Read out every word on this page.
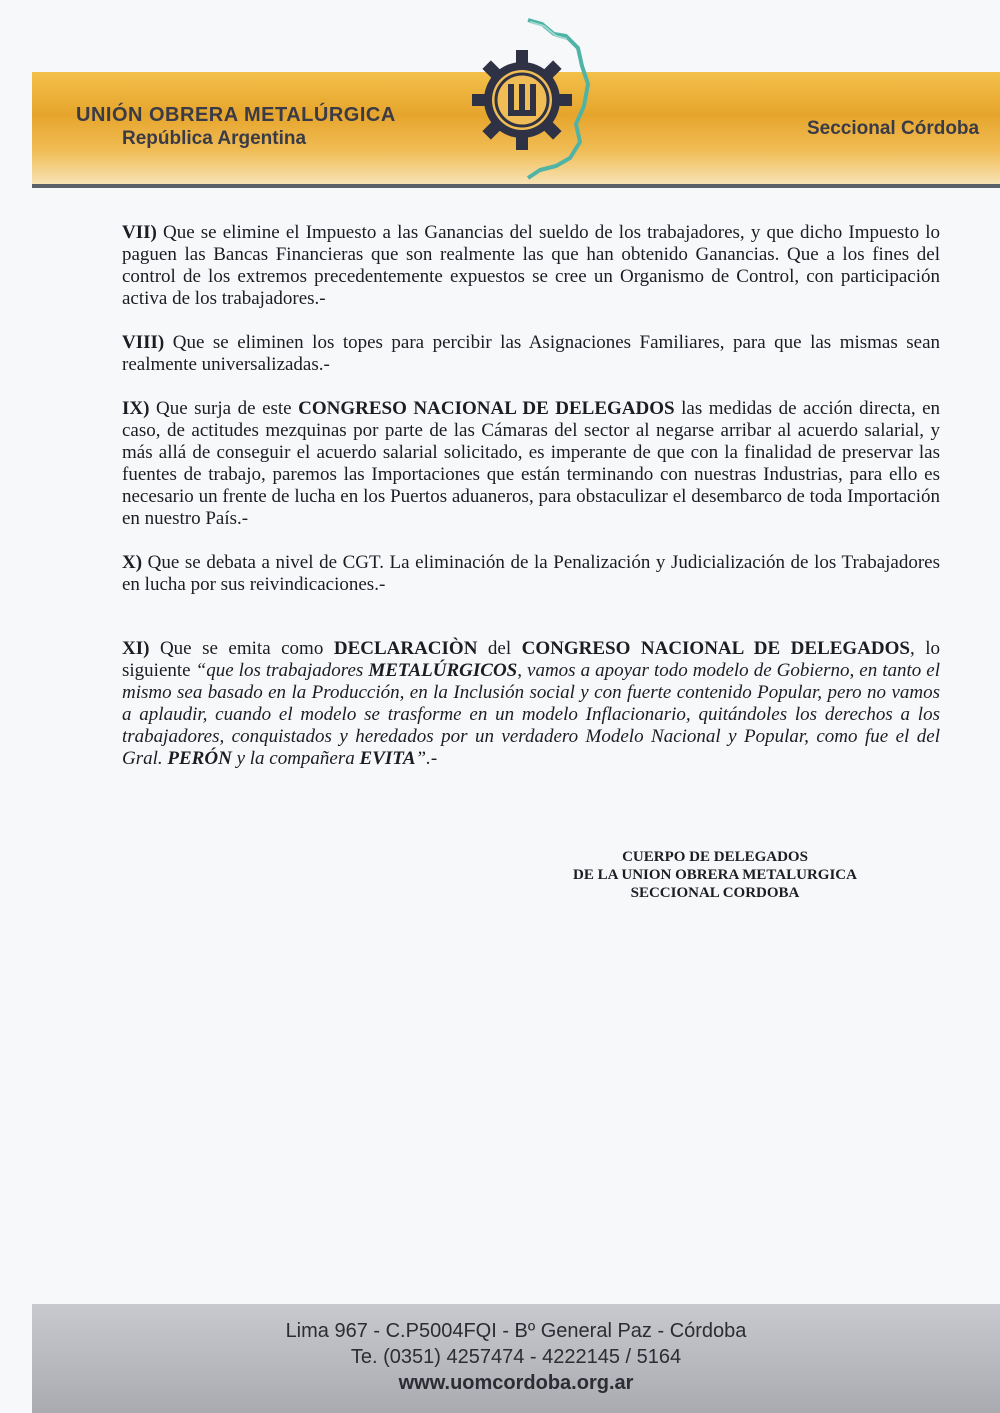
UNIÓN OBRERA METALÚRGICA
República Argentina	Seccional Córdoba

VII) Que se elimine el Impuesto a las Ganancias del sueldo de los trabajadores, y que dicho Impuesto lo paguen las Bancas Financieras que son realmente las que han obtenido Ganancias. Que a los fines del control de los extremos precedentemente expuestos se cree un Organismo de Control, con participación activa de los trabajadores.-

VIII) Que se eliminen los topes para percibir las Asignaciones Familiares, para que las mismas sean realmente universalizadas.-

IX) Que surja de este CONGRESO NACIONAL DE DELEGADOS las medidas de acción directa, en caso, de actitudes mezquinas por parte de las Cámaras del sector al negarse arribar al acuerdo salarial, y más allá de conseguir el acuerdo salarial solicitado, es imperante de que con la finalidad de preservar las fuentes de trabajo, paremos las Importaciones que están terminando con nuestras Industrias, para ello es necesario un frente de lucha en los Puertos aduaneros, para obstaculizar el desembarco de toda Importación en nuestro País.-

X) Que se debata a nivel de CGT. La eliminación de la Penalización y Judicialización de los Trabajadores en lucha por sus reivindicaciones.-

XI) Que se emita como DECLARACIÒN del CONGRESO NACIONAL DE DELEGADOS, lo siguiente “que los trabajadores METALÚRGICOS, vamos a apoyar todo modelo de Gobierno, en tanto el mismo sea basado en la Producción, en la Inclusión social y con fuerte contenido Popular, pero no vamos a aplaudir, cuando el modelo se trasforme en un modelo Inflacionario, quitándoles los derechos a los trabajadores, conquistados y heredados por un verdadero Modelo Nacional y Popular, como fue el del Gral. PERÓN y la compañera EVITA”.-

CUERPO DE DELEGADOS
DE LA UNION OBRERA METALURGICA
SECCIONAL CORDOBA
Lima 967 - C.P5004FQI - Bº General Paz - Córdoba
Te. (0351) 4257474 - 4222145 / 5164
www.uomcordoba.org.ar
